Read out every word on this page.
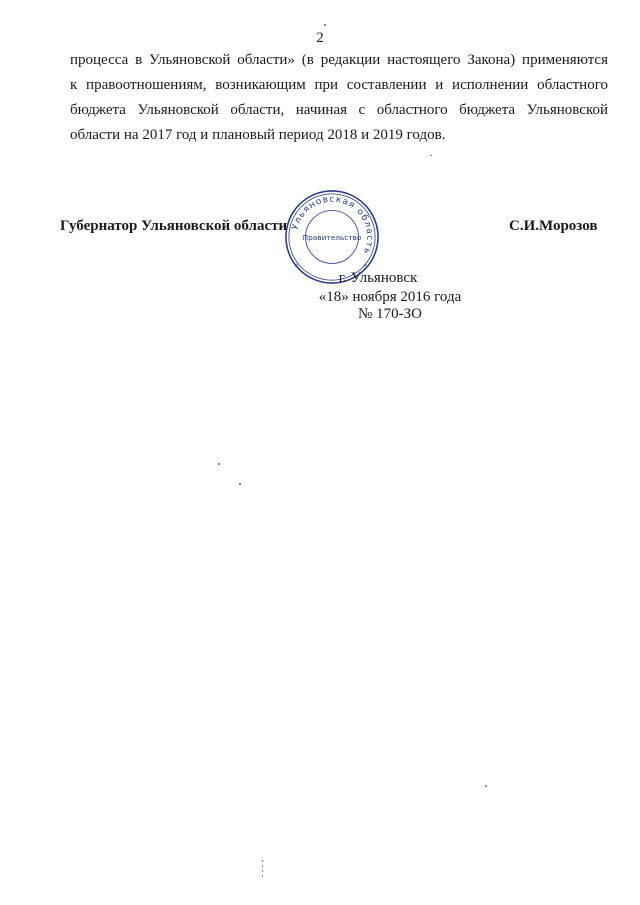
2
процесса в Ульяновской области» (в редакции настоящего Закона) применяются
к правоотношениям, возникающим при составлении и исполнении областного
бюджета Ульяновской области, начиная с областного бюджета Ульяновской
области на 2017 год и плановый период 2018 и 2019 годов.
Губернатор Ульяновской области	С.И.Морозов
Ульяновская область
Правительство
*	*
г. Ульяновск
«18» ноября 2016 года
№ 170-ЗО
